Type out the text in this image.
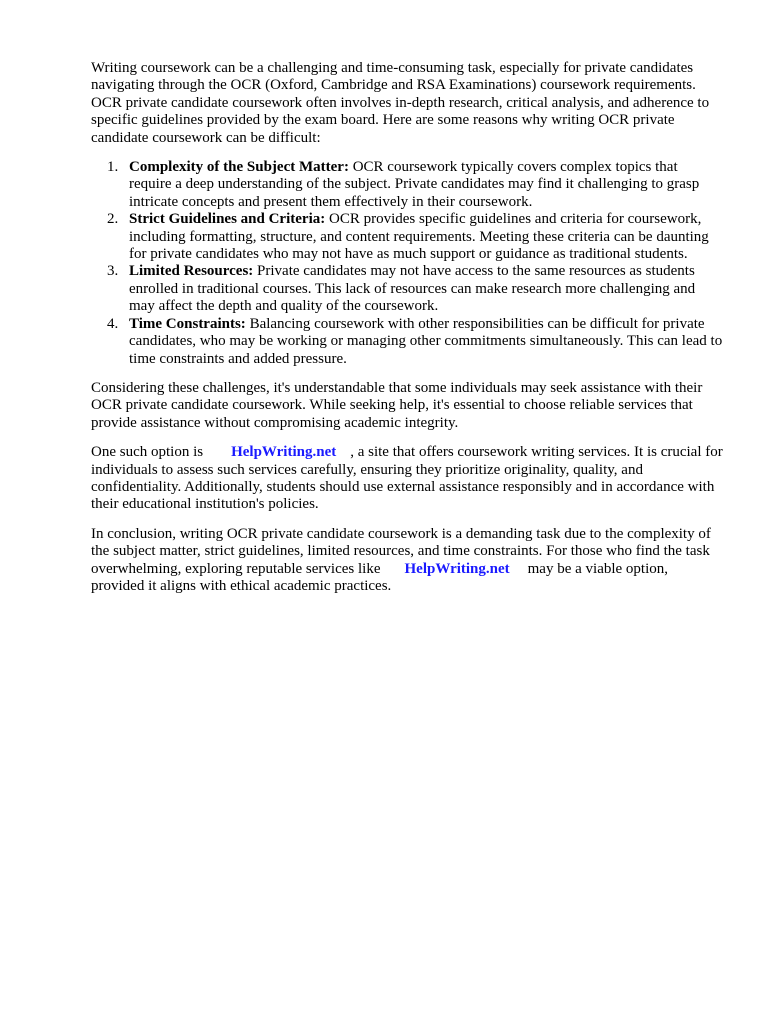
Writing coursework can be a challenging and time-consuming task, especially for private candidates navigating through the OCR (Oxford, Cambridge and RSA Examinations) coursework requirements. OCR private candidate coursework often involves in-depth research, critical analysis, and adherence to specific guidelines provided by the exam board. Here are some reasons why writing OCR private candidate coursework can be difficult:

1. Complexity of the Subject Matter: OCR coursework typically covers complex topics that require a deep understanding of the subject. Private candidates may find it challenging to grasp intricate concepts and present them effectively in their coursework.
2. Strict Guidelines and Criteria: OCR provides specific guidelines and criteria for coursework, including formatting, structure, and content requirements. Meeting these criteria can be daunting for private candidates who may not have as much support or guidance as traditional students.
3. Limited Resources: Private candidates may not have access to the same resources as students enrolled in traditional courses. This lack of resources can make research more challenging and may affect the depth and quality of the coursework.
4. Time Constraints: Balancing coursework with other responsibilities can be difficult for private candidates, who may be working or managing other commitments simultaneously. This can lead to time constraints and added pressure.

Considering these challenges, it's understandable that some individuals may seek assistance with their OCR private candidate coursework. While seeking help, it's essential to choose reliable services that provide assistance without compromising academic integrity.

One such option is HelpWriting.net , a site that offers coursework writing services. It is crucial for individuals to assess such services carefully, ensuring they prioritize originality, quality, and confidentiality. Additionally, students should use external assistance responsibly and in accordance with their educational institution's policies.

In conclusion, writing OCR private candidate coursework is a demanding task due to the complexity of the subject matter, strict guidelines, limited resources, and time constraints. For those who find the task overwhelming, exploring reputable services like HelpWriting.net may be a viable option, provided it aligns with ethical academic practices.
